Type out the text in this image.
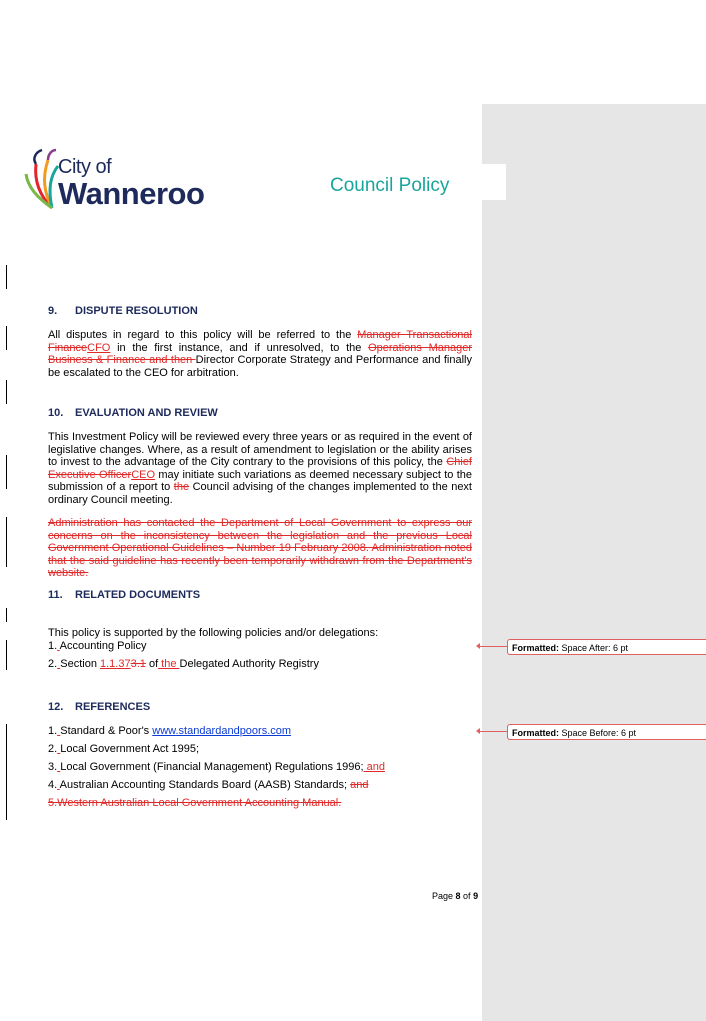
City of
Wanneroo	Council Policy
9. DISPUTE RESOLUTION
All disputes in regard to this policy will be referred to the Manager Transactional FinanceCFO in the first instance, and if unresolved, to the Operations Manager Business & Finance and then Director Corporate Strategy and Performance and finally be escalated to the CEO for arbitration.
10. EVALUATION AND REVIEW
This Investment Policy will be reviewed every three years or as required in the event of legislative changes. Where, as a result of amendment to legislation or the ability arises to invest to the advantage of the City contrary to the provisions of this policy, the Chief Executive OfficerCEO may initiate such variations as deemed necessary subject to the submission of a report to the Council advising of the changes implemented to the next ordinary Council meeting.
Administration has contacted the Department of Local Government to express our concerns on the inconsistency between the legislation and the previous Local Government Operational Guidelines – Number 19 February 2008. Administration noted that the said guideline has recently been temporarily withdrawn from the Department's website.
11. RELATED DOCUMENTS
This policy is supported by the following policies and/or delegations:
1. Accounting Policy
2. Section 1.1.373.1 of the Delegated Authority Registry
12. REFERENCES
1. Standard & Poor's www.standardandpoors.com
2. Local Government Act 1995;
3. Local Government (Financial Management) Regulations 1996; and
4. Australian Accounting Standards Board (AASB) Standards; and
5.Western Australian Local Government Accounting Manual.
Formatted: Space After: 6 pt
Formatted: Space Before: 6 pt
Page 8 of 9
